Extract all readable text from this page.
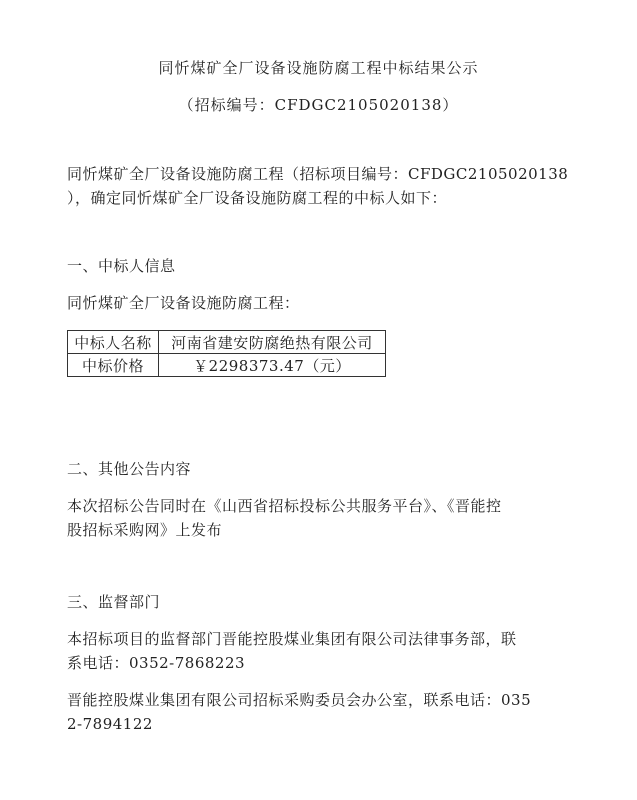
同忻煤矿全厂设备设施防腐工程中标结果公示
（招标编号：CFDGC2105020138）
同忻煤矿全厂设备设施防腐工程（招标项目编号：CFDGC2105020138
），确定同忻煤矿全厂设备设施防腐工程的中标人如下：
一、中标人信息
同忻煤矿全厂设备设施防腐工程：
中标人名称	河南省建安防腐绝热有限公司
中标价格	￥2298373.47（元）
二、其他公告内容
本次招标公告同时在《山西省招标投标公共服务平台》、《晋能控
股招标采购网》上发布
三、监督部门
本招标项目的监督部门晋能控股煤业集团有限公司法律事务部，联
系电话：0352-7868223
晋能控股煤业集团有限公司招标采购委员会办公室，联系电话：035
2-7894122
